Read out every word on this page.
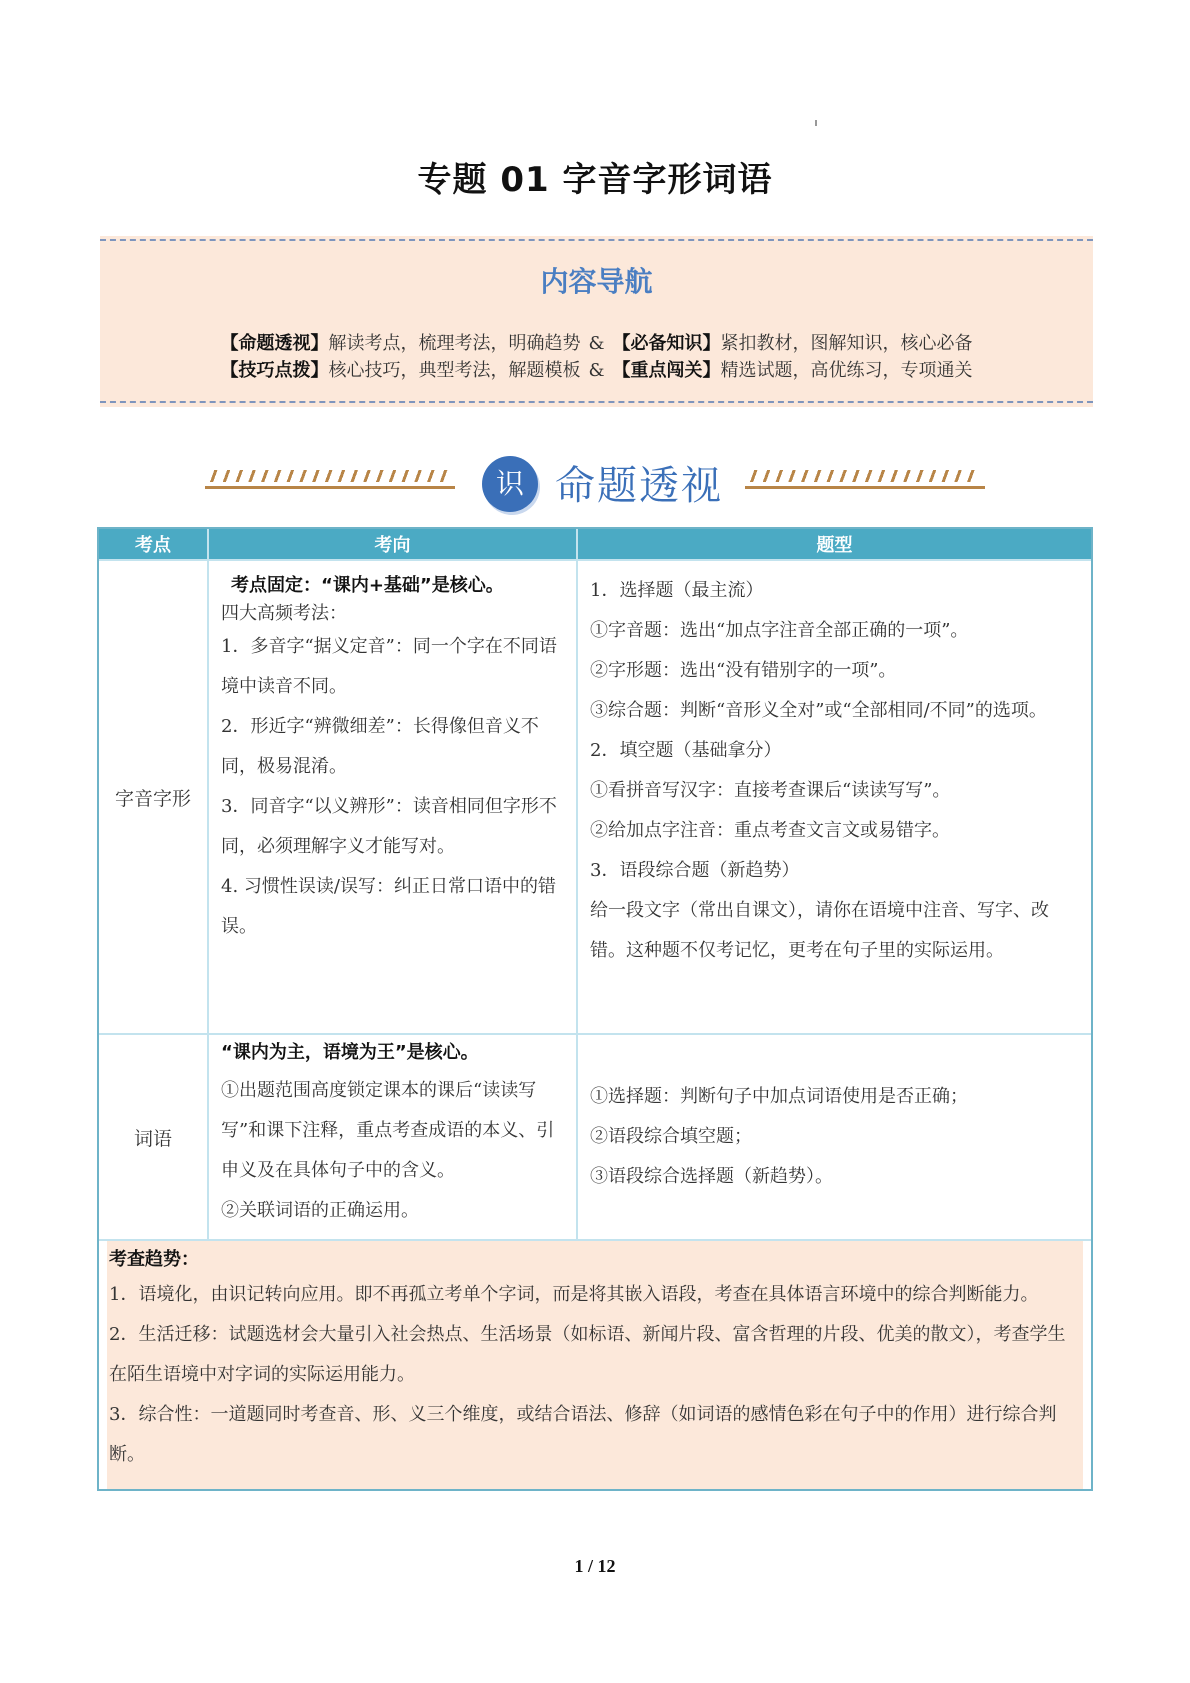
专题 01 字音字形词语
内容导航
【命题透视】解读考点，梳理考法，明确趋势 & 【必备知识】紧扣教材，图解知识，核心必备
【技巧点拨】核心技巧，典型考法，解题模板 & 【重点闯关】精选试题，高优练习，专项通关
识 命题透视
考点	考向	题型
字音字形
考点固定：“课内+基础”是核心。
四大高频考法：
1．多音字“据义定音”：同一个字在不同语境中读音不同。
2．形近字“辨微细差”：长得像但音义不同，极易混淆。
3．同音字“以义辨形”：读音相同但字形不同，必须理解字义才能写对。
4. 习惯性误读/误写：纠正日常口语中的错误。
1．选择题（最主流）
①字音题：选出“加点字注音全部正确的一项”。
②字形题：选出“没有错别字的一项”。
③综合题：判断“音形义全对”或“全部相同/不同”的选项。
2．填空题（基础拿分）
①看拼音写汉字：直接考查课后“读读写写”。
②给加点字注音：重点考查文言文或易错字。
3．语段综合题（新趋势）
给一段文字（常出自课文），请你在语境中注音、写字、改错。这种题不仅考记忆，更考在句子里的实际运用。
词语
“课内为主，语境为王”是核心。
①出题范围高度锁定课本的课后“读读写写”和课下注释，重点考查成语的本义、引申义及在具体句子中的含义。
②关联词语的正确运用。
①选择题：判断句子中加点词语使用是否正确；
②语段综合填空题；
③语段综合选择题（新趋势）。
考查趋势：
1．语境化，由识记转向应用。即不再孤立考单个字词，而是将其嵌入语段，考查在具体语言环境中的综合判断能力。
2．生活迁移：试题选材会大量引入社会热点、生活场景（如标语、新闻片段、富含哲理的片段、优美的散文），考查学生在陌生语境中对字词的实际运用能力。
3．综合性：一道题同时考查音、形、义三个维度，或结合语法、修辞（如词语的感情色彩在句子中的作用）进行综合判断。
1 / 12
